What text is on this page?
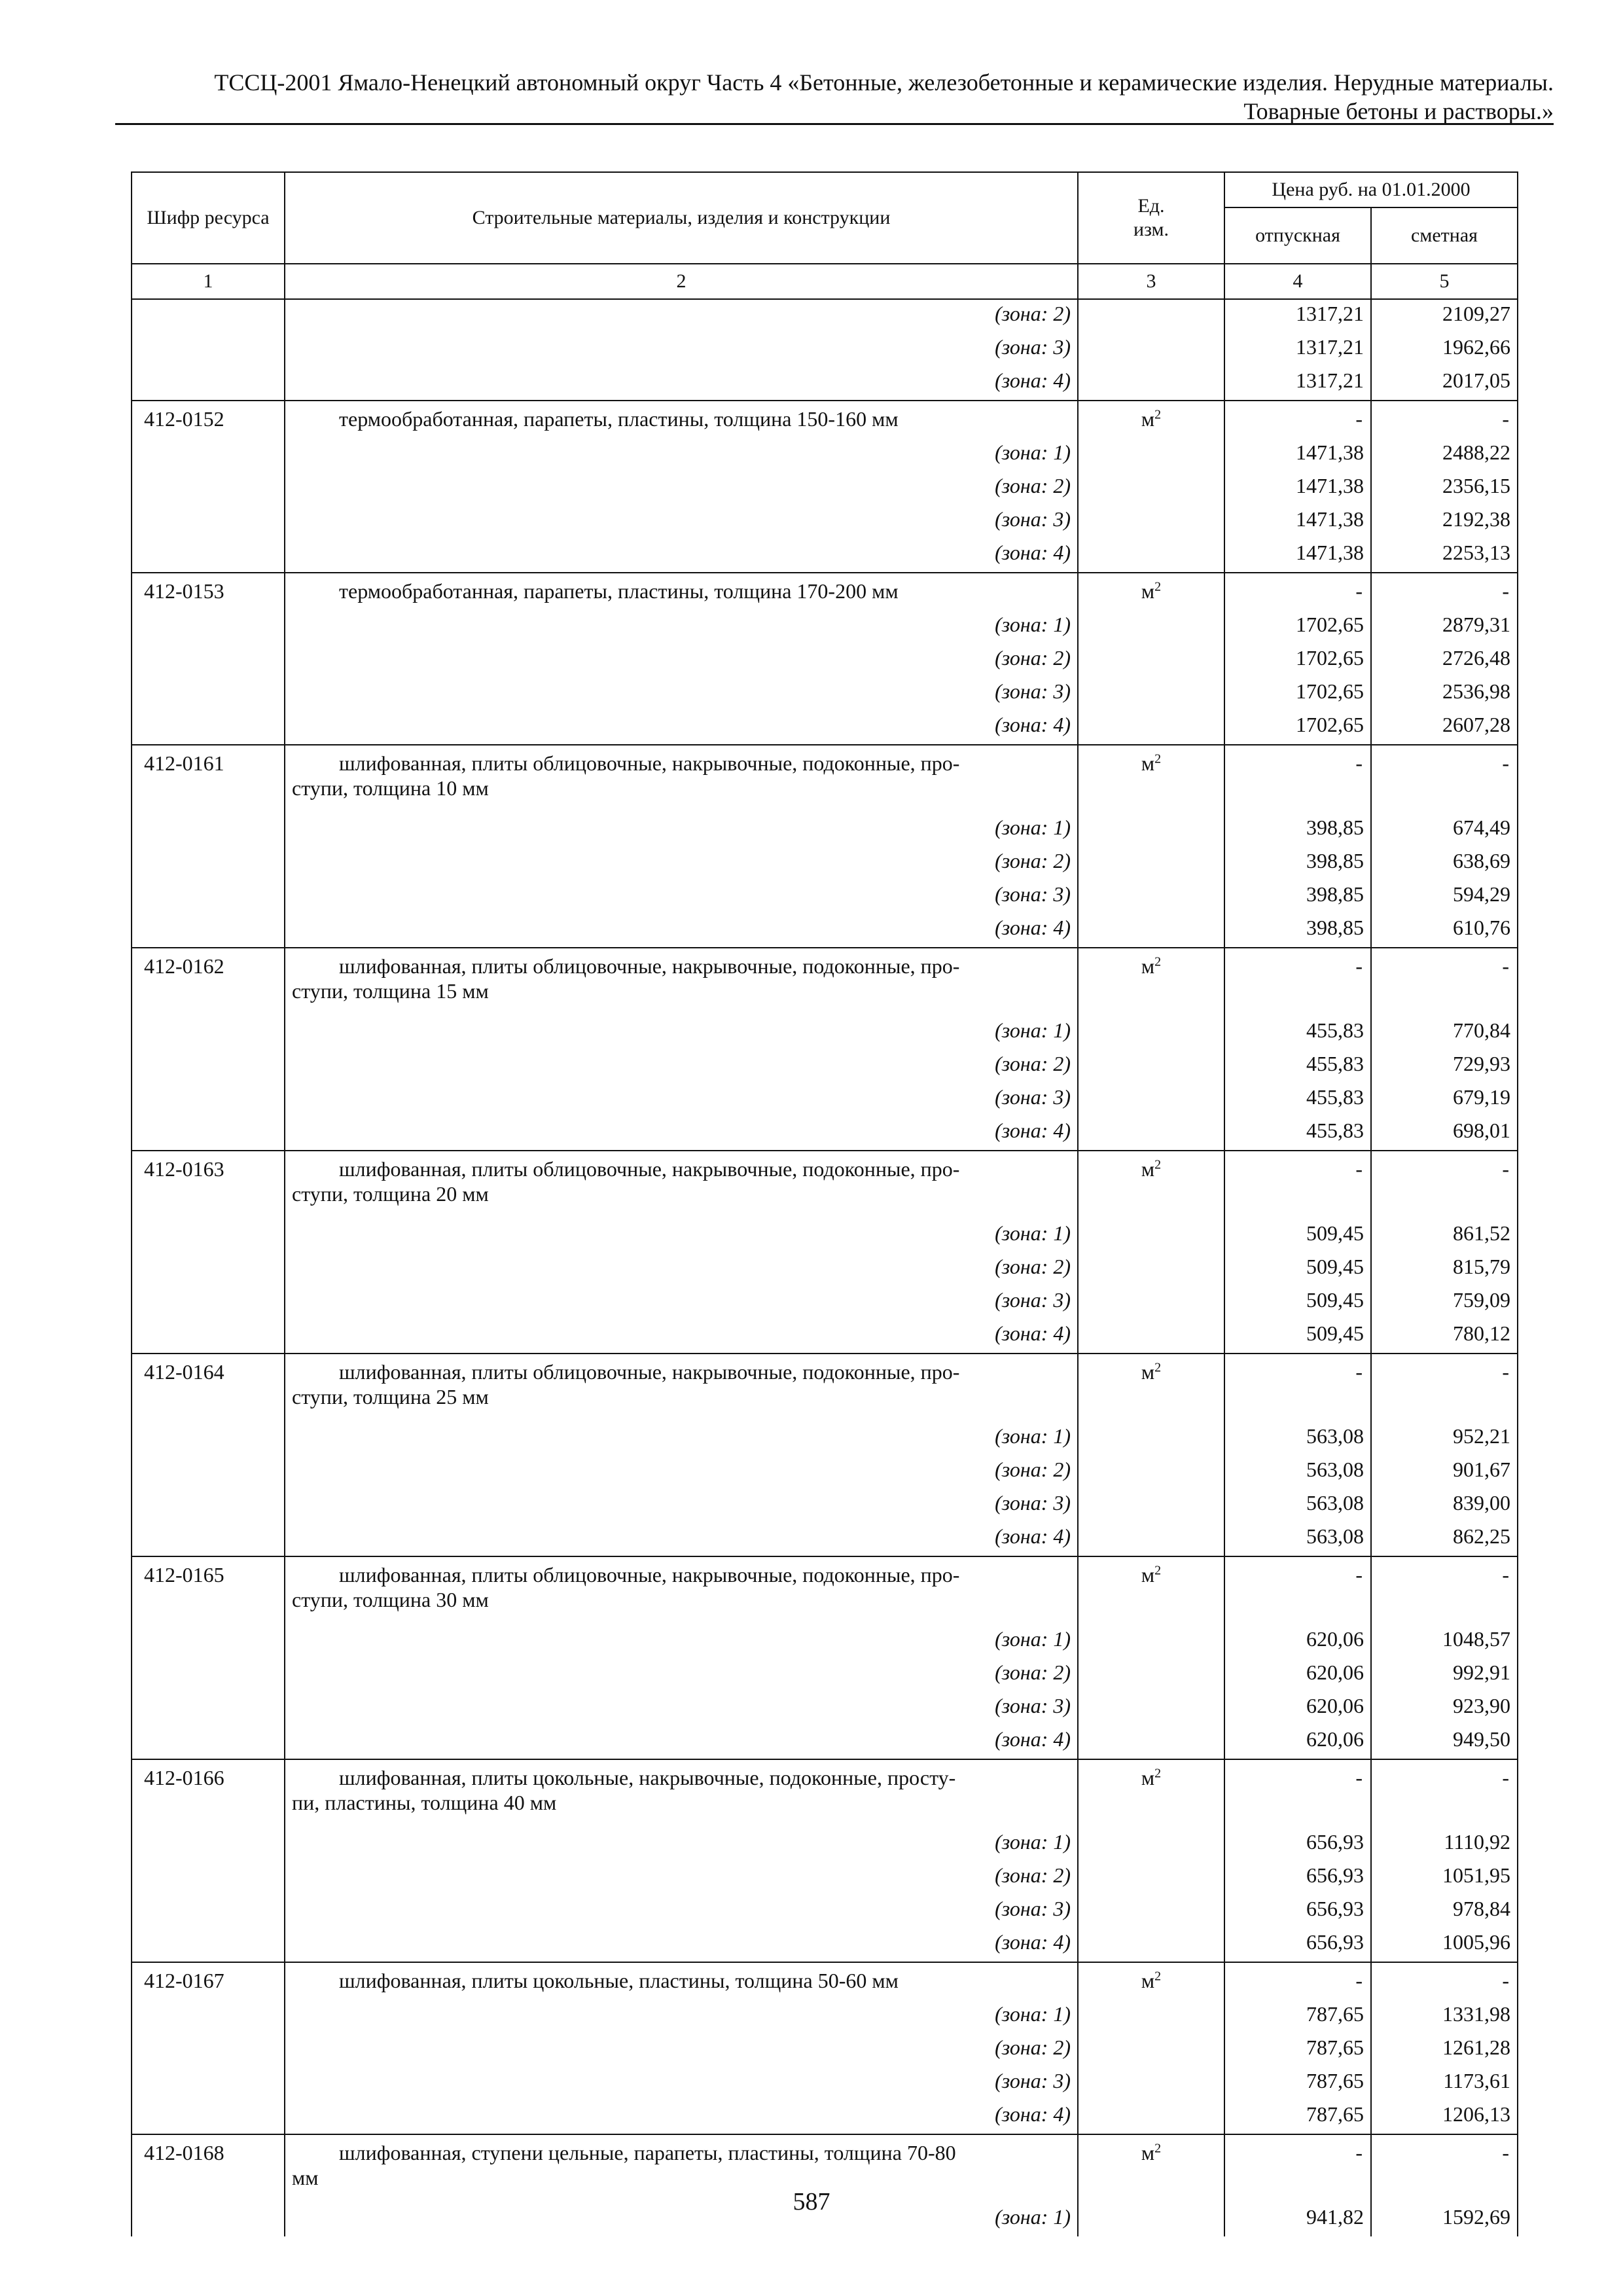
ТССЦ-2001 Ямало-Ненецкий автономный округ Часть 4 «Бетонные, железобетонные и керамические изделия. Нерудные материалы.
Товарные бетоны и растворы.»
Шифр ресурса	Строительные материалы, изделия и конструкции	Ед. изм.	Цена руб. на 01.01.2000	
			отпускная	сметная
1	2	3	4	5
	(зона: 2)		1317,21	2109,27
	(зона: 3)		1317,21	1962,66
	(зона: 4)		1317,21	2017,05
412-0152	термообработанная, парапеты, пластины, толщина 150-160 мм	$м^2$	-	-
	(зона: 1)		1471,38	2488,22
	(зона: 2)		1471,38	2356,15
	(зона: 3)		1471,38	2192,38
	(зона: 4)		1471,38	2253,13
412-0153	термообработанная, парапеты, пластины, толщина 170-200 мм	$м^2$	-	-
	(зона: 1)		1702,65	2879,31
	(зона: 2)		1702,65	2726,48
	(зона: 3)		1702,65	2536,98
	(зона: 4)		1702,65	2607,28
412-0161	шлифованная, плиты облицовочные, накрывочные, подоконные, про-
ступи, толщина 10 мм	$м^2$	-	-
	(зона: 1)		398,85	674,49
	(зона: 2)		398,85	638,69
	(зона: 3)		398,85	594,29
	(зона: 4)		398,85	610,76
412-0162	шлифованная, плиты облицовочные, накрывочные, подоконные, про-
ступи, толщина 15 мм	$м^2$	-	-
	(зона: 1)		455,83	770,84
	(зона: 2)		455,83	729,93
	(зона: 3)		455,83	679,19
	(зона: 4)		455,83	698,01
412-0163	шлифованная, плиты облицовочные, накрывочные, подоконные, про-
ступи, толщина 20 мм	$м^2$	-	-
	(зона: 1)		509,45	861,52
	(зона: 2)		509,45	815,79
	(зона: 3)		509,45	759,09
	(зона: 4)		509,45	780,12
412-0164	шлифованная, плиты облицовочные, накрывочные, подоконные, про-
ступи, толщина 25 мм	$м^2$	-	-
	(зона: 1)		563,08	952,21
	(зона: 2)		563,08	901,67
	(зона: 3)		563,08	839,00
	(зона: 4)		563,08	862,25
412-0165	шлифованная, плиты облицовочные, накрывочные, подоконные, про-
ступи, толщина 30 мм	$м^2$	-	-
	(зона: 1)		620,06	1048,57
	(зона: 2)		620,06	992,91
	(зона: 3)		620,06	923,90
	(зона: 4)		620,06	949,50
412-0166	шлифованная, плиты цокольные, накрывочные, подоконные, просту-
пи, пластины, толщина 40 мм	$м^2$	-	-
	(зона: 1)		656,93	1110,92
	(зона: 2)		656,93	1051,95
	(зона: 3)		656,93	978,84
	(зона: 4)		656,93	1005,96
412-0167	шлифованная, плиты цокольные, пластины, толщина 50-60 мм	$м^2$	-	-
	(зона: 1)		787,65	1331,98
	(зона: 2)		787,65	1261,28
	(зона: 3)		787,65	1173,61
	(зона: 4)		787,65	1206,13
412-0168	шлифованная, ступени цельные, парапеты, пластины, толщина 70-80
мм	$м^2$	-	-
	(зона: 1)		941,82	1592,69
587
